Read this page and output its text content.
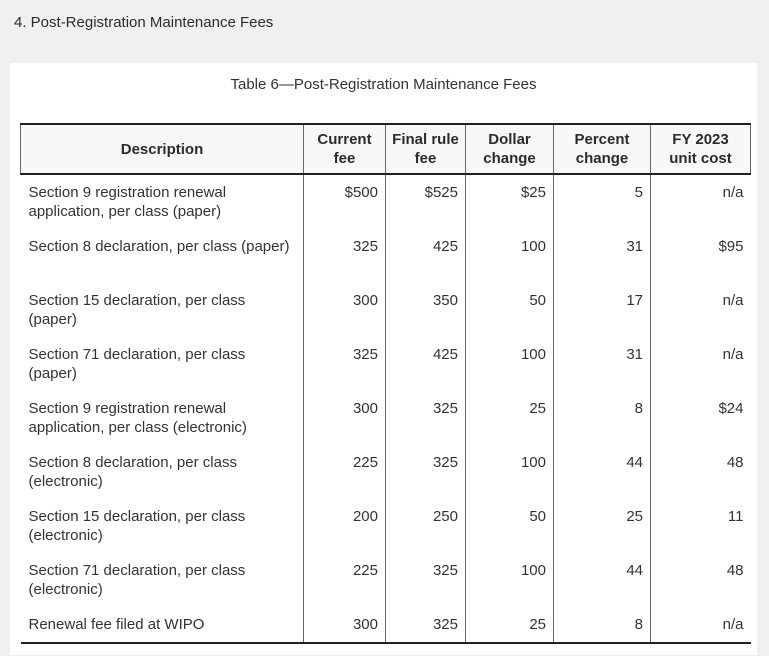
4. Post-Registration Maintenance Fees
Table 6—Post-Registration Maintenance Fees
Description	Current fee	Final rule fee	Dollar change	Percent change	FY 2023 unit cost
Section 9 registration renewal application, per class (paper)	$500	$525	$25	5	n/a
Section 8 declaration, per class (paper)	325	425	100	31	$95
Section 15 declaration, per class (paper)	300	350	50	17	n/a
Section 71 declaration, per class (paper)	325	425	100	31	n/a
Section 9 registration renewal application, per class (electronic)	300	325	25	8	$24
Section 8 declaration, per class (electronic)	225	325	100	44	48
Section 15 declaration, per class (electronic)	200	250	50	25	11
Section 71 declaration, per class (electronic)	225	325	100	44	48
Renewal fee filed at WIPO	300	325	25	8	n/a
